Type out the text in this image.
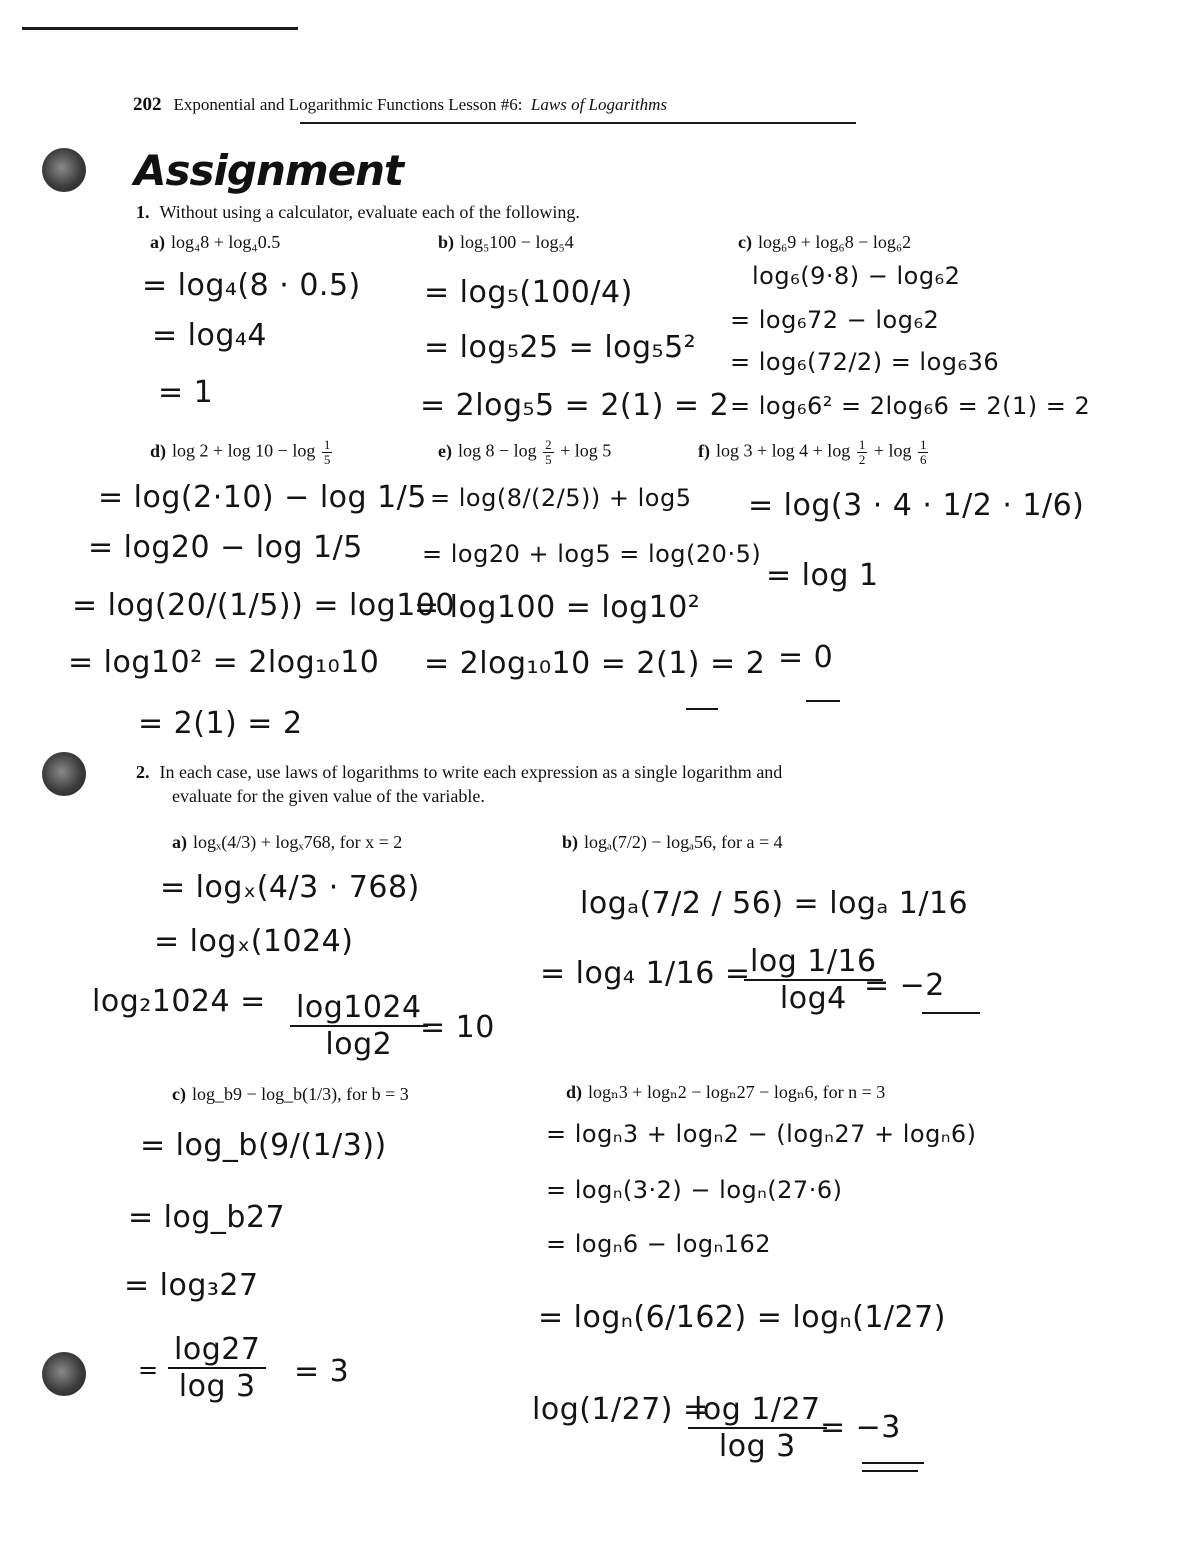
202 Exponential and Logarithmic Functions Lesson #6: Laws of Logarithms
Assignment
1. Without using a calculator, evaluate each of the following.
a) log₄8 + log₄0.5
= log₄(8 · 0.5)
= log₄4
= 1
b) log₅100 − log₅4
= log₅(100/4)
= log₅25 = log₅5²
= 2log₅5 = 2(1) = 2
c) log₆9 + log₆8 − log₆2
log₆(9·8) − log₆2
= log₆72 − log₆2
= log₆(72/2) = log₆36
= log₆6² = 2log₆6 = 2(1) = 2
d) $\log 2 + \log 10 - \log \frac{1}{5}$
= log(2·10) − log 1/5
= log20 − log 1/5
= log(20/(1/5)) = log100
= log10² = 2log₁₀10
= 2(1) = 2
e) $\log 8 - \log \frac{2}{5} + \log 5$
= log(8/(2/5)) + log5
= log20 + log5 = log(20·5)
= log100 = log10²
= 2log₁₀10 = 2(1) = 2
f) $\log 3 + \log 4 + \log \frac{1}{2} + \log \frac{1}{6}$
= log(3 · 4 · 1/2 · 1/6)
= log 1
= 0
2. In each case, use laws of logarithms to write each expression as a single logarithm and
evaluate for the given value of the variable.
a) logₓ(4/3) + logₓ768, for x = 2
= logₓ(4/3 · 768)
= logₓ(1024)
$\log_21024 = \frac{\log 1024}{\log 2}$
= 10
b) logₐ(7/2) − logₐ56, for a = 4
logₐ(7/2 / 56) = logₐ 1/16
= log₄ 1/16 =
$\frac{\log 1/16}{\log 4}$
= −2
c) log_b9 − log_b(1/3), for b = 3
= log_b(9/(1/3))
= log_b27
= log₃27
= $\frac{\log 27}{\log 3} = 3$
d) logₙ3 + logₙ2 − logₙ27 − logₙ6, for n = 3
= logₙ3 + logₙ2 − (logₙ27 + logₙ6)
= logₙ(3·2) − logₙ(27·6)
= logₙ6 − logₙ162
= logₙ(6/162) = logₙ(1/27)
log(1/27) =
$\frac{\log 1/27}{\log 3}$
= −3
